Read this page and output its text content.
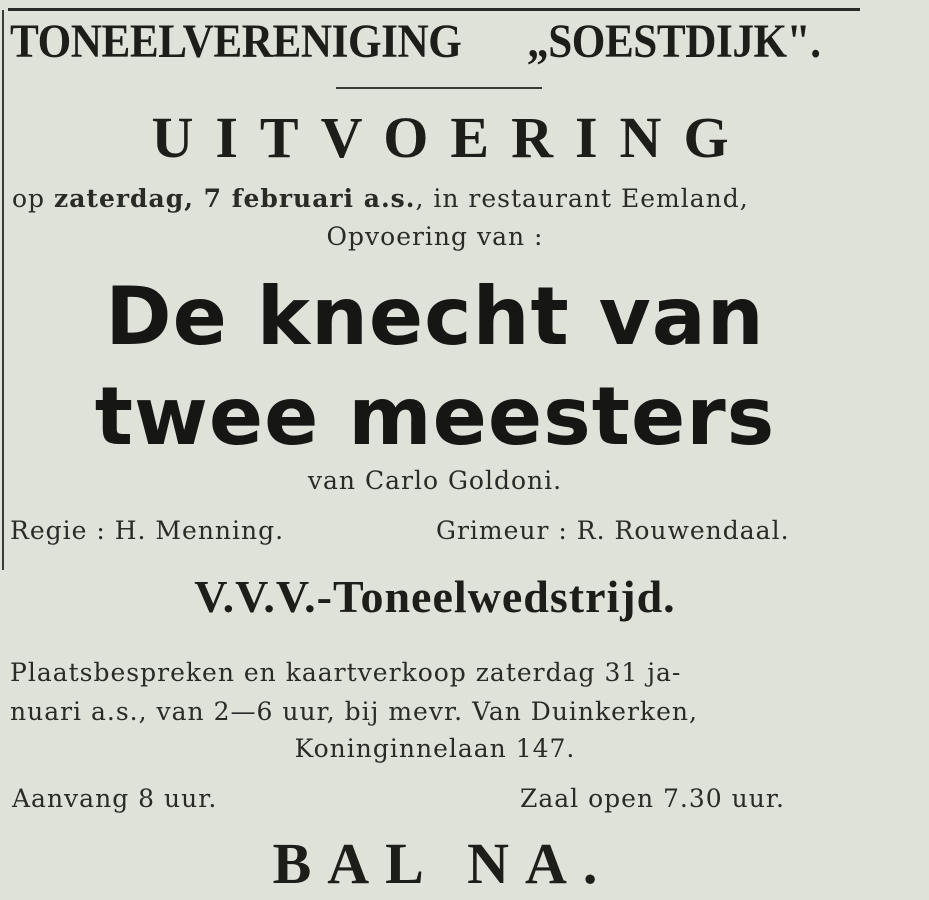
TONEELVERENIGING „SOESTDIJK".
UITVOERING
op zaterdag, 7 februari a.s., in restaurant Eemland,
Opvoering van :
De knecht van
twee meesters
van Carlo Goldoni.
Regie : H. Menning.	Grimeur : R. Rouwendaal.
V.V.V.-Toneelwedstrijd.
Plaatsbespreken en kaartverkoop zaterdag 31 ja-
nuari a.s., van 2—6 uur, bij mevr. Van Duinkerken,
Koninginnelaan 147.
Aanvang 8 uur.	Zaal open 7.30 uur.
BAL NA.
